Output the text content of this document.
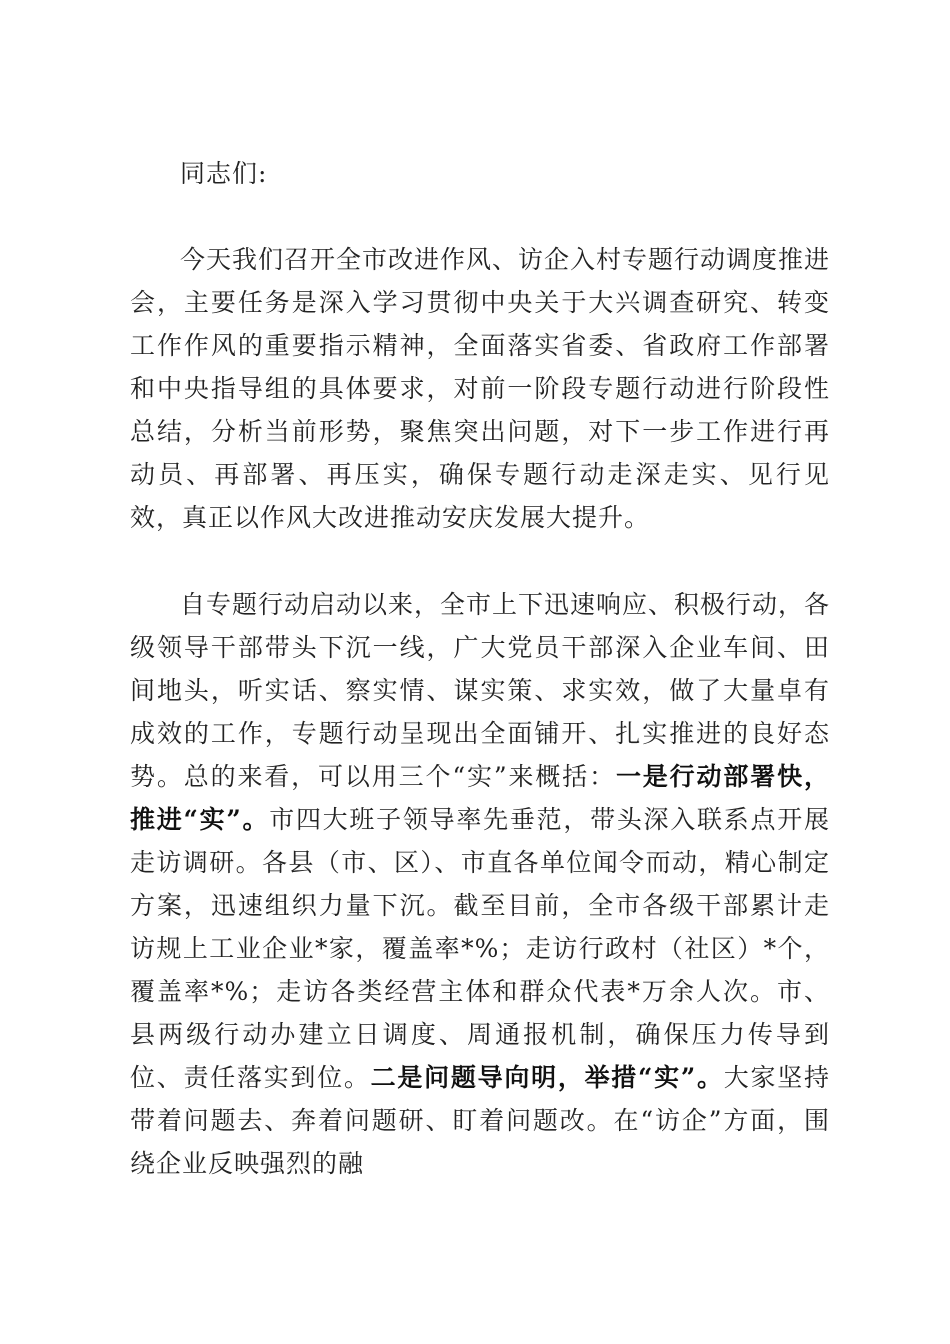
同志们:

今天我们召开全市改进作风、访企入村专题行动调度推进会，主要任务是深入学习贯彻中央关于大兴调查研究、转变工作作风的重要指示精神，全面落实省委、省政府工作部署和中央指导组的具体要求，对前一阶段专题行动进行阶段性总结，分析当前形势，聚焦突出问题，对下一步工作进行再动员、再部署、再压实，确保专题行动走深走实、见行见效，真正以作风大改进推动安庆发展大提升。

自专题行动启动以来，全市上下迅速响应、积极行动，各级领导干部带头下沉一线，广大党员干部深入企业车间、田间地头，听实话、察实情、谋实策、求实效，做了大量卓有成效的工作，专题行动呈现出全面铺开、扎实推进的良好态势。总的来看，可以用三个“实”来概括：一是行动部署快，推进“实”。市四大班子领导率先垂范，带头深入联系点开展走访调研。各县（市、区）、市直各单位闻令而动，精心制定方案，迅速组织力量下沉。截至目前，全市各级干部累计走访规上工业企业*家，覆盖率*%；走访行政村（社区）*个，覆盖率*%；走访各类经营主体和群众代表*万余人次。市、县两级行动办建立日调度、周通报机制，确保压力传导到位、责任落实到位。二是问题导向明，举措“实”。大家坚持带着问题去、奔着问题研、盯着问题改。在“访企”方面，围绕企业反映强烈的融
